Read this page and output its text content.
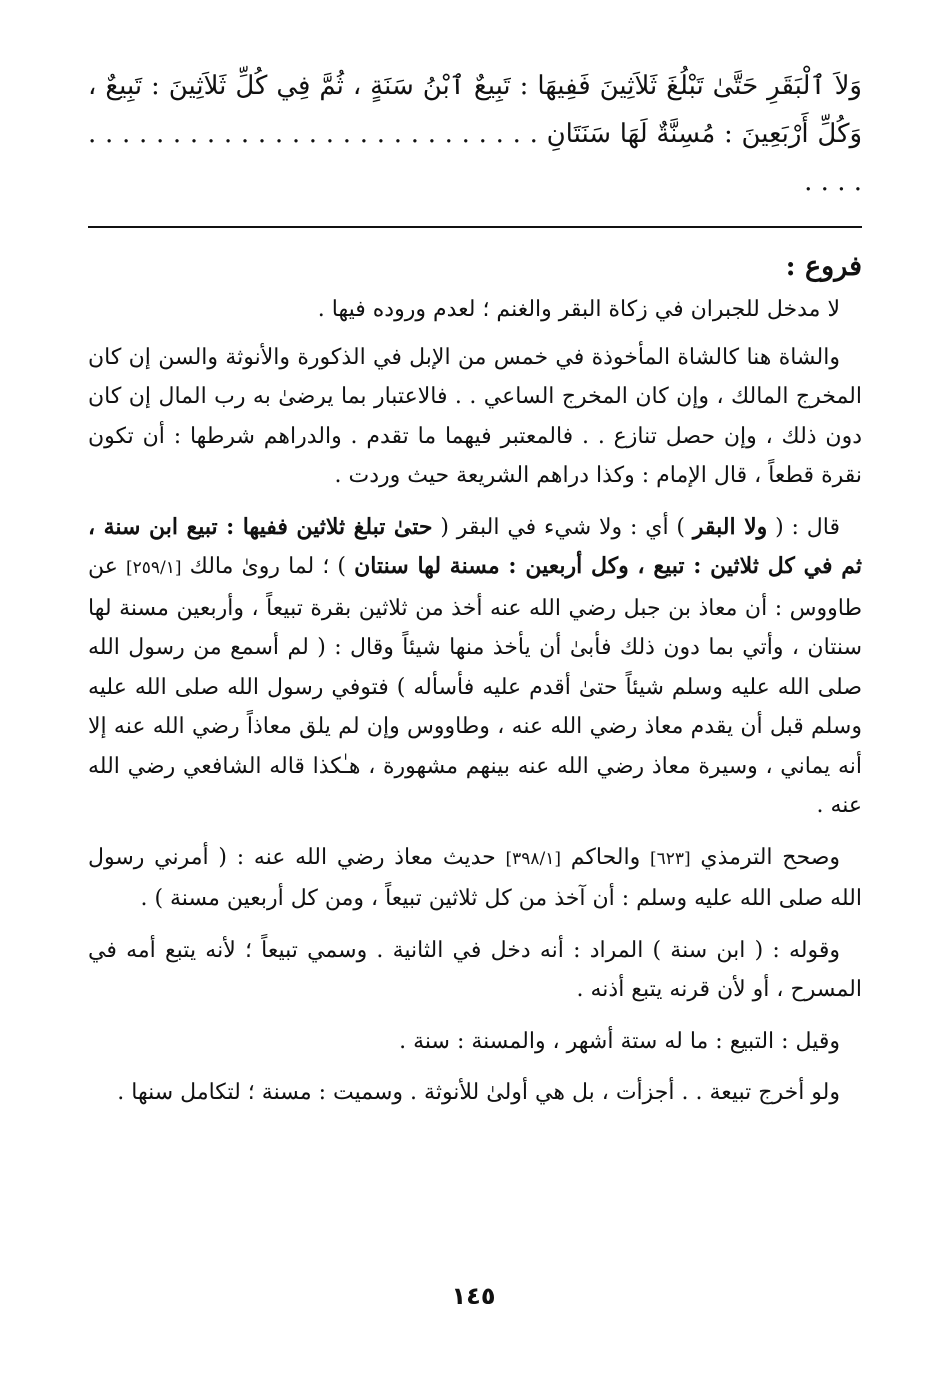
وَلاَ ٱلْبَقَرِ حَتَّىٰ تَبْلُغَ ثَلاَثِينَ فَفِيهَا : تَبِيعٌ ٱبْنُ سَنَةٍ ، ثُمَّ فِي كُلِّ ثَلاَثِينَ : تَبِيعٌ ، وَكُلِّ أَرْبَعِينَ : مُسِنَّةٌ لَهَا سَنَتَانِ . . . . . . . . . . . . . . . . . . . . . . . . . . . . . . .

فروع :

لا مدخل للجبران في زكاة البقر والغنم ؛ لعدم وروده فيها .

والشاة هنا كالشاة المأخوذة في خمس من الإبل في الذكورة والأنوثة والسن إن كان المخرج المالك ، وإن كان المخرج الساعي . . فالاعتبار بما يرضىٰ به رب المال إن كان دون ذلك ، وإن حصل تنازع . . فالمعتبر فيهما ما تقدم . والدراهم شرطها : أن تكون نقرة قطعاً ، قال الإمام : وكذا دراهم الشريعة حيث وردت .

قال : ( ولا البقر ) أي : ولا شيء في البقر ( حتىٰ تبلغ ثلاثين ففيها : تبيع ابن سنة ، ثم في كل ثلاثين : تبيع ، وكل أربعين : مسنة لها سنتان ) ؛ لما روىٰ مالك [٢٥٩/١] عن طاووس : أن معاذ بن جبل رضي الله عنه أخذ من ثلاثين بقرة تبيعاً ، وأربعين مسنة لها سنتان ، وأتي بما دون ذلك فأبىٰ أن يأخذ منها شيئاً وقال : ( لم أسمع من رسول الله صلى الله عليه وسلم شيئاً حتىٰ أقدم عليه فأسأله ) فتوفي رسول الله صلى الله عليه وسلم قبل أن يقدم معاذ رضي الله عنه ، وطاووس وإن لم يلق معاذاً رضي الله عنه إلا أنه يماني ، وسيرة معاذ رضي الله عنه بينهم مشهورة ، هـٰكذا قاله الشافعي رضي الله عنه .

وصحح الترمذي [٦٢٣] والحاكم [٣٩٨/١] حديث معاذ رضي الله عنه : ( أمرني رسول الله صلى الله عليه وسلم : أن آخذ من كل ثلاثين تبيعاً ، ومن كل أربعين مسنة ) .

وقوله : ( ابن سنة ) المراد : أنه دخل في الثانية . وسمي تبيعاً ؛ لأنه يتبع أمه في المسرح ، أو لأن قرنه يتبع أذنه .

وقيل : التبيع : ما له ستة أشهر ، والمسنة : سنة .

ولو أخرج تبيعة . . أجزأت ، بل هي أولىٰ للأنوثة . وسميت : مسنة ؛ لتكامل سنها .

١٤٥
